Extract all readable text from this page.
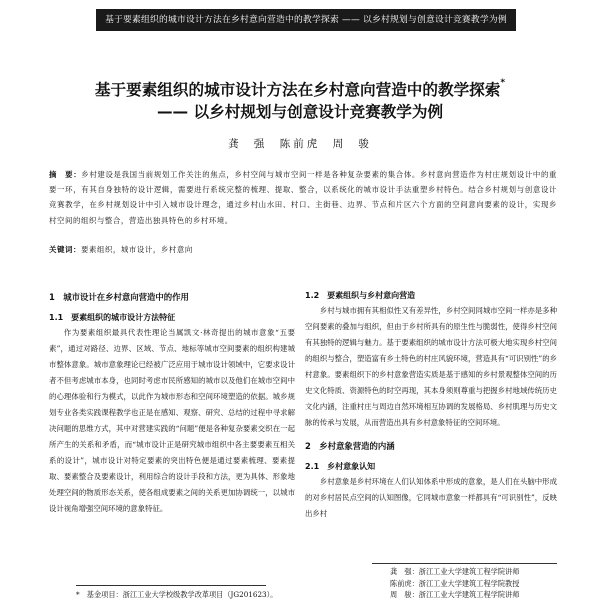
基于要素组织的城市设计方法在乡村意向营造中的教学探索 —— 以乡村规划与创意设计竞赛教学为例
基于要素组织的城市设计方法在乡村意向营造中的教学探索*
—— 以乡村规划与创意设计竞赛教学为例
龚 强 陈前虎 周 骏
摘　要：乡村建设是我国当前规划工作关注的焦点，乡村空间与城市空间一样是各种复杂要素的集合体。乡村意向营造作为村庄规划设计中的重要一环，有其自身独特的设计逻辑，需要进行系统完整的梳理、提取、整合，以系统化的城市设计手法重塑乡村特色。结合乡村规划与创意设计竞赛教学，在乡村规划设计中引入城市设计理念，通过乡村山水田、村口、主街巷、边界、节点和片区六个方面的空间意向要素的设计，实现乡村空间的组织与整合，营造出独具特色的乡村环境。
关键词：要素组织，城市设计，乡村意向
1　城市设计在乡村意向营造中的作用
1.1　要素组织的城市设计方法特征

作为要素组织最具代表性理论当属凯文·林奇提出的城市意象“五要素”，通过对路径、边界、区域、节点、地标等城市空间要素的组织构建城市整体意象。城市意象理论已经被广泛应用于城市设计领域中，它要求设计者不但考虑城市本身，也同时考虑市民所感知的城市以及他们在城市空间中的心理体验和行为模式，以此作为城市形态和空间环境塑造的依据。城乡规划专业各类实践课程教学也正是在感知、观察、研究、总结的过程中寻求解决问题的思维方式，其中对营建实践的“问题”便是各种复杂要素交织在一起所产生的关系和矛盾，而“城市设计正是研究城市组织中各主要要素互相关系的设计”，城市设计对特定要素的突出特色便是通过要素梳理、要素提取、要素整合及要素设计，利用综合的设计手段和方法，更为具体、形象地处理空间的物质形态关系，使各组成要素之间的关系更加协调统一，以城市设计视角增强空间环境的意象特征。

1.2　要素组织与乡村意向营造

乡村与城市拥有其相似性又有差异性，乡村空间同城市空间一样亦是多种空间要素的叠加与组织，但由于乡村所具有的原生性与脆弱性，使得乡村空间有其独特的逻辑与魅力。基于要素组织的城市设计方法可极大地实现乡村空间的组织与整合，塑造富有乡土特色的村庄风貌环境，营造具有“可识别性”的乡村意象。要素组织下的乡村意象营造实质是基于感知的乡村景观整体空间的历史文化特质、资源特色的时空再现，其本身须则尊重与把握乡村地域传统历史文化内涵，注重村庄与周边自然环境相互协调的发展格局、乡村肌理与历史文脉的传承与发展，从而营造出具有乡村意象特征的空间环境。

2　乡村意象营造的内涵
2.1　乡村意象认知

乡村意象是乡村环境在人们认知体系中形成的意象，是人们在头脑中形成的对乡村居民点空间的认知图像，它同城市意象一样都具有“可识别性”，反映出乡村

*　基金项目：浙江工业大学校级教学改革项目（JG201623）。
龚　强：浙江工业大学建筑工程学院讲师
陈前虎：浙江工业大学建筑工程学院教授
周　骏：浙江工业大学建筑工程学院讲师
